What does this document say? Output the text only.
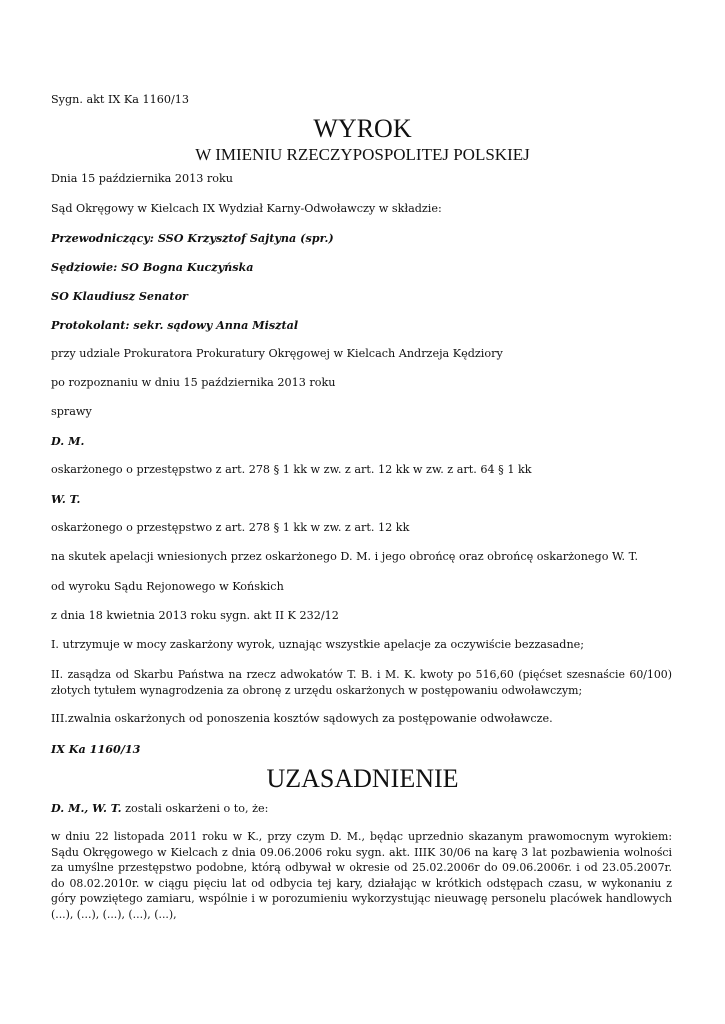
Sygn. akt IX Ka 1160/13

WYROK

W IMIENIU RZECZYPOSPOLITEJ POLSKIEJ

Dnia 15 października 2013 roku

Sąd Okręgowy w Kielcach IX Wydział Karny-Odwoławczy w składzie:

Przewodniczący: SSO Krzysztof Sajtyna (spr.)

Sędziowie: SO Bogna Kuczyńska

SO Klaudiusz Senator

Protokolant: sekr. sądowy Anna Misztal

przy udziale Prokuratora Prokuratury Okręgowej w Kielcach Andrzeja Kędziory

po rozpoznaniu w dniu 15 października 2013 roku

sprawy

D. M.

oskarżonego o przestępstwo z art. 278 § 1 kk w zw. z art. 12 kk w zw. z art. 64 § 1 kk

W. T.

oskarżonego o przestępstwo z art. 278 § 1 kk w zw. z art. 12 kk

na skutek apelacji wniesionych przez oskarżonego D. M. i jego obrońcę oraz obrońcę oskarżonego W. T.

od wyroku Sądu Rejonowego w Końskich

z dnia 18 kwietnia 2013 roku sygn. akt II K 232/12

I. utrzymuje w mocy zaskarżony wyrok, uznając wszystkie apelacje za oczywiście bezzasadne;

II. zasądza od Skarbu Państwa na rzecz adwokatów T. B. i M. K. kwoty po 516,60 (pięćset szesnaście 60/100) złotych tytułem wynagrodzenia za obronę z urzędu oskarżonych w postępowaniu odwoławczym;

III.zwalnia oskarżonych od ponoszenia kosztów sądowych za postępowanie odwoławcze.

IX Ka 1160/13

UZASADNIENIE

D. M., W. T. zostali oskarżeni o to, że:

w dniu 22 listopada 2011 roku w K., przy czym D. M., będąc uprzednio skazanym prawomocnym wyrokiem: Sądu Okręgowego w Kielcach z dnia 09.06.2006 roku sygn. akt. IIIK 30/06 na karę 3 lat pozbawienia wolności za umyślne przestępstwo podobne, którą odbywał w okresie od 25.02.2006r do 09.06.2006r. i od 23.05.2007r. do 08.02.2010r. w ciągu pięciu lat od odbycia tej kary, działając w krótkich odstępach czasu, w wykonaniu z góry powziętego zamiaru, wspólnie i w porozumieniu wykorzystując nieuwagę personelu placówek handlowych (...), (...), (...), (...), (...),
